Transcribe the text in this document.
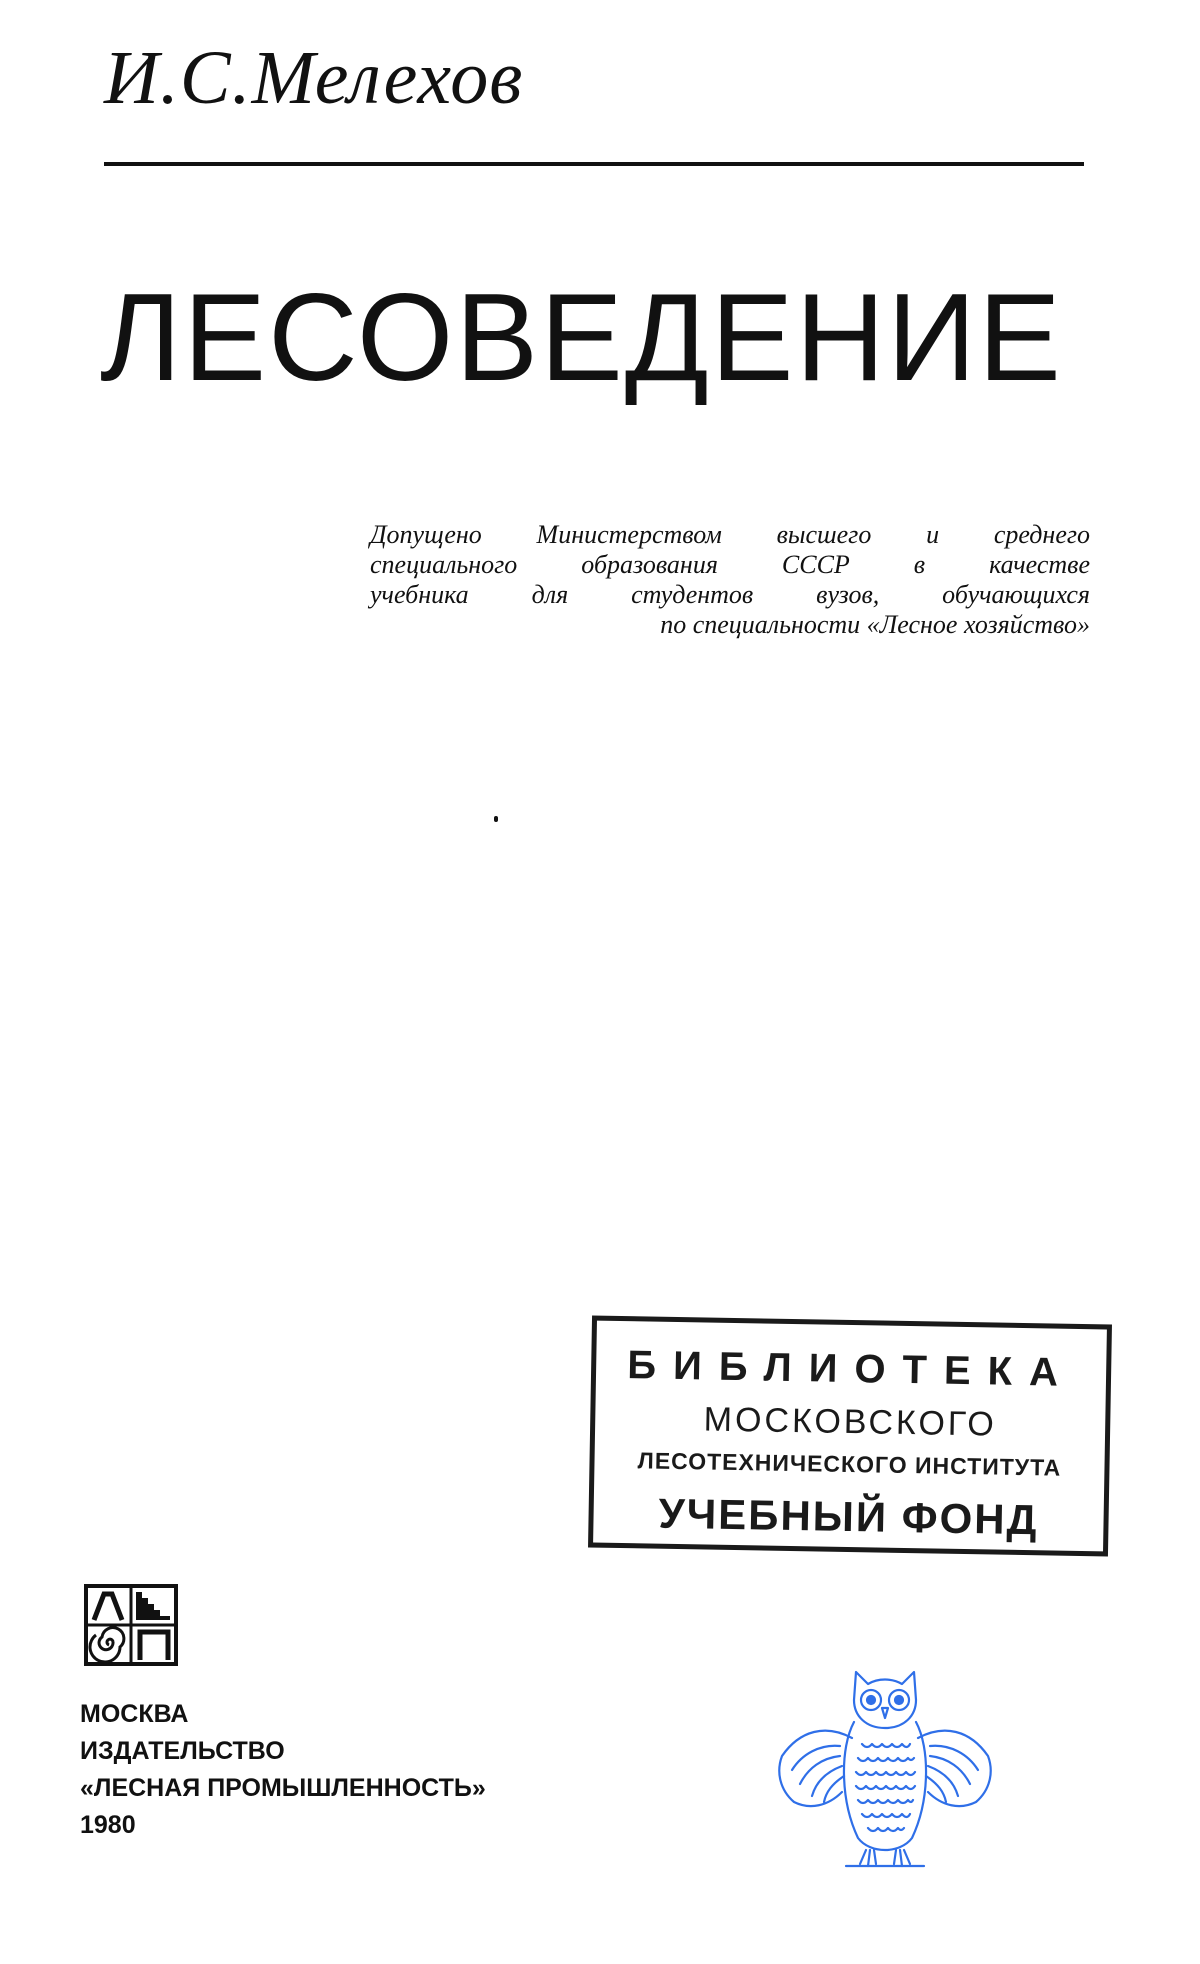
И.С.Мелехов
ЛЕСОВЕДЕНИЕ
Допущено Министерством высшего и среднего
специального образования СССР в качестве
учебника для студентов вузов, обучающихся
по специальности «Лесное хозяйство»
БИБЛИОТЕКА
МОСКОВСКОГО
ЛЕСОТЕХНИЧЕСКОГО ИНСТИТУТА
УЧЕБНЫЙ ФОНД
МОСКВА
ИЗДАТЕЛЬСТВО
«ЛЕСНАЯ ПРОМЫШЛЕННОСТЬ»
1980
